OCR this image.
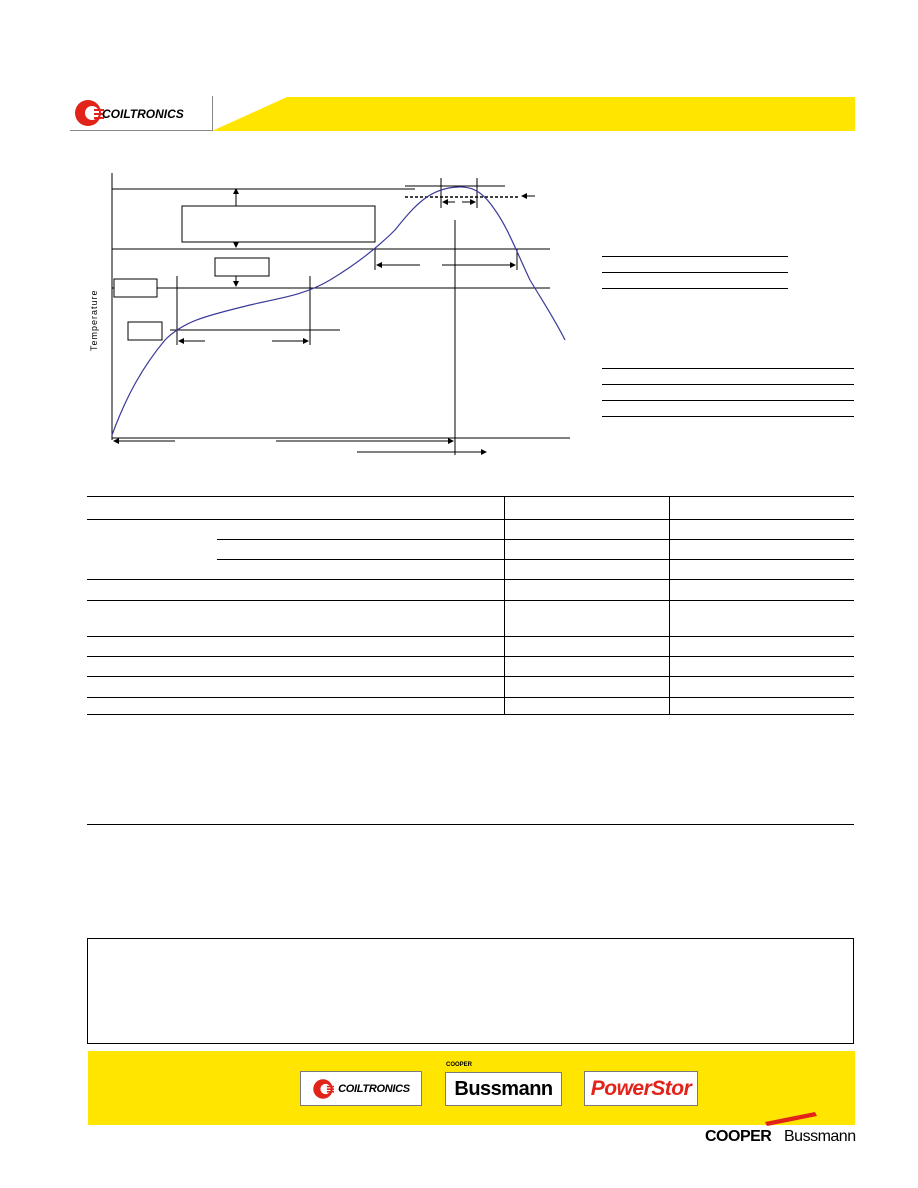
COILTRONICS
Temperature
COILTRONICS
COOPER
Bussmann PowerStor
COOPER Bussmann
